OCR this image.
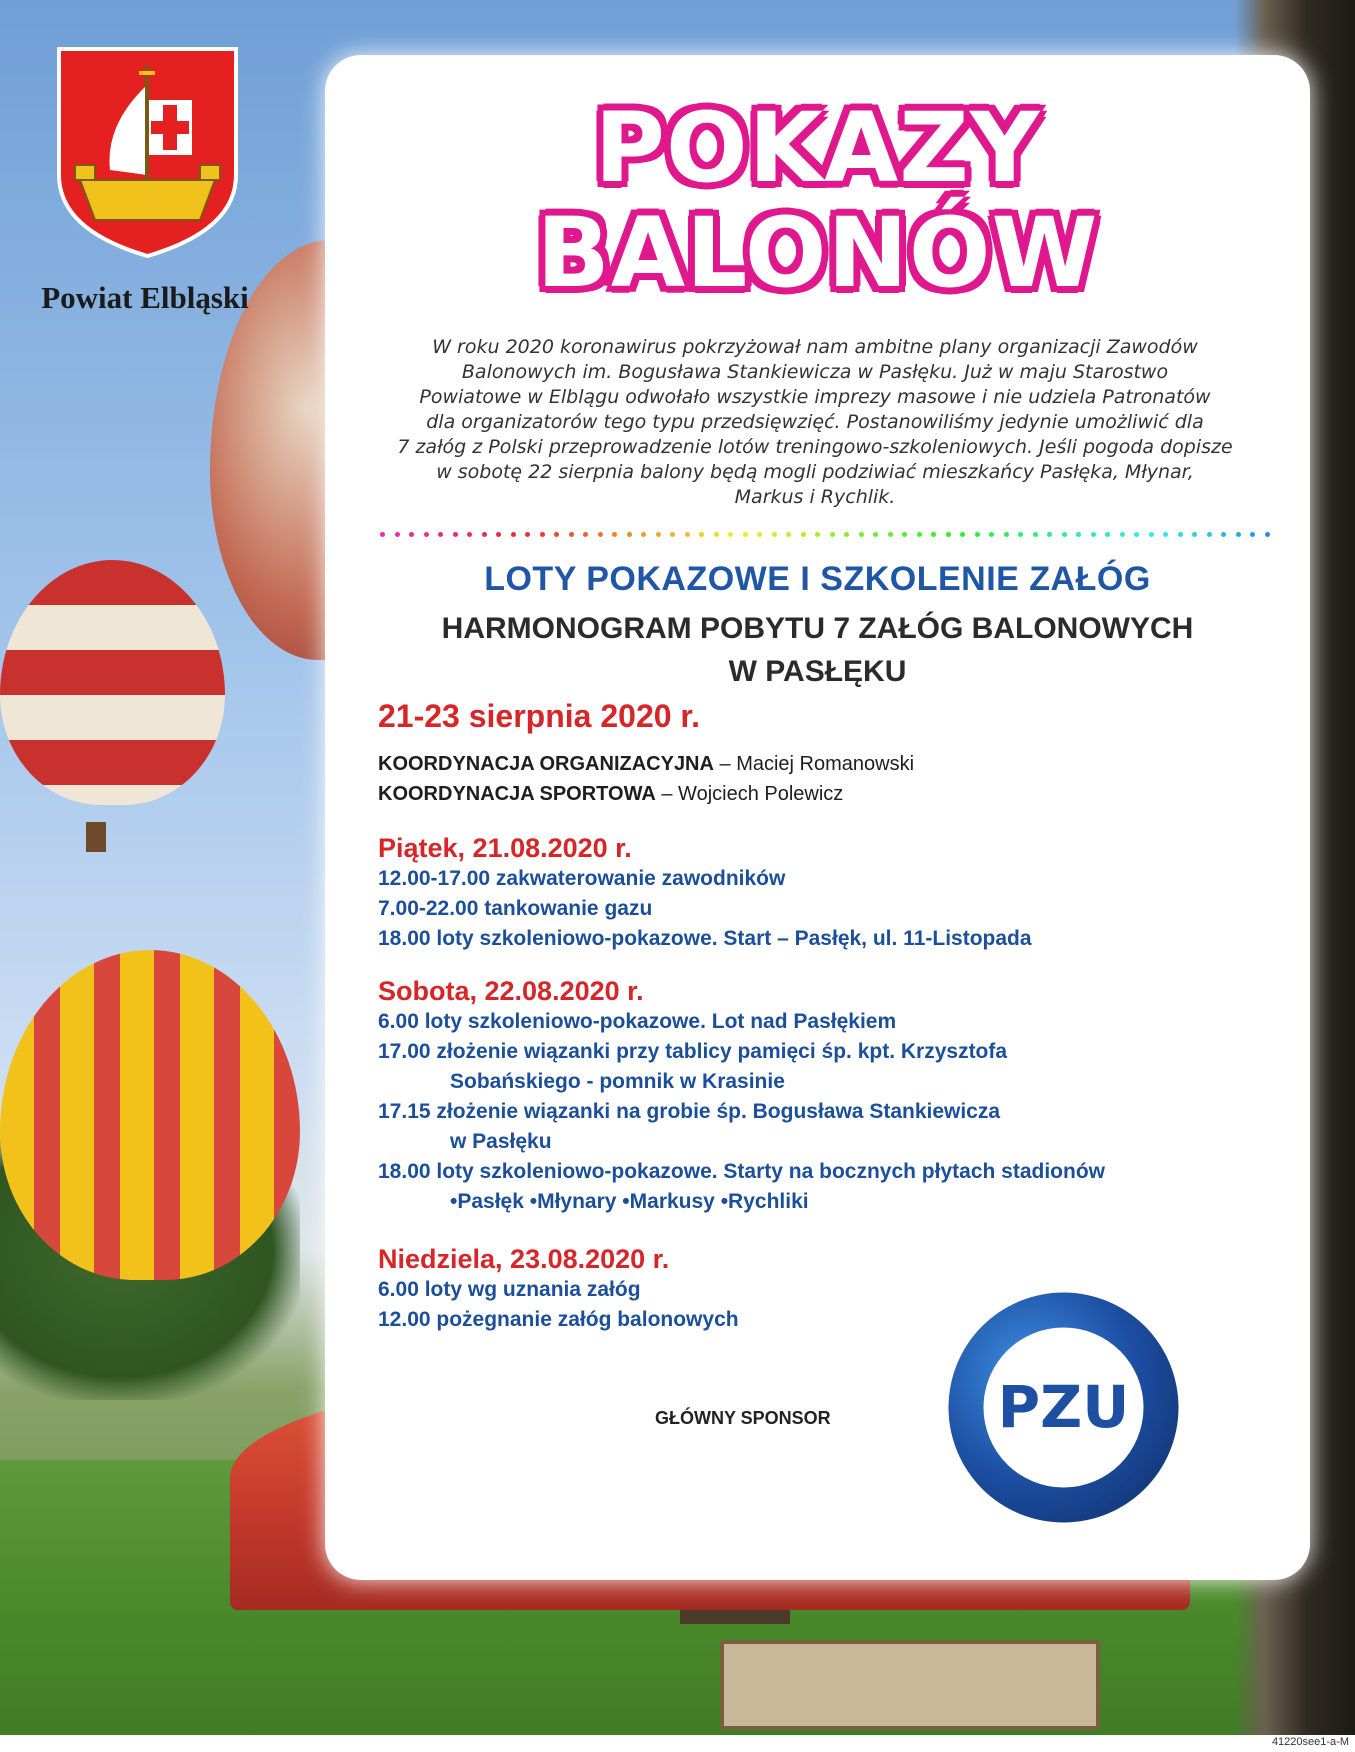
Powiat Elbląski
POKAZY
BALONÓW
W roku 2020 koronawirus pokrzyżował nam ambitne plany organizacji Zawodów
Balonowych im. Bogusława Stankiewicza w Pasłęku. Już w maju Starostwo
Powiatowe w Elblągu odwołało wszystkie imprezy masowe i nie udziela Patronatów
dla organizatorów tego typu przedsięwzięć. Postanowiliśmy jedynie umożliwić dla
7 załóg z Polski przeprowadzenie lotów treningowo-szkoleniowych. Jeśli pogoda dopisze
w sobotę 22 sierpnia balony będą mogli podziwiać mieszkańcy Pasłęka, Młynar,
Markus i Rychlik.
LOTY POKAZOWE I SZKOLENIE ZAŁÓG
HARMONOGRAM POBYTU 7 ZAŁÓG BALONOWYCH
W PASŁĘKU
21-23 sierpnia 2020 r.
KOORDYNACJA ORGANIZACYJNA – Maciej Romanowski
KOORDYNACJA SPORTOWA – Wojciech Polewicz
Piątek, 21.08.2020 r.
12.00-17.00 zakwaterowanie zawodników
7.00-22.00 tankowanie gazu
18.00 loty szkoleniowo-pokazowe. Start – Pasłęk, ul. 11-Listopada
Sobota, 22.08.2020 r.
6.00 loty szkoleniowo-pokazowe. Lot nad Pasłękiem
17.00 złożenie wiązanki przy tablicy pamięci śp. kpt. Krzysztofa
Sobańskiego - pomnik w Krasinie
17.15 złożenie wiązanki na grobie śp. Bogusława Stankiewicza
w Pasłęku
18.00 loty szkoleniowo-pokazowe. Starty na bocznych płytach stadionów
•Pasłęk •Młynary •Markusy •Rychliki
Niedziela, 23.08.2020 r.
6.00 loty wg uznania załóg
12.00 pożegnanie załóg balonowych
GŁÓWNY SPONSOR	PZU
41220see1-a-M
